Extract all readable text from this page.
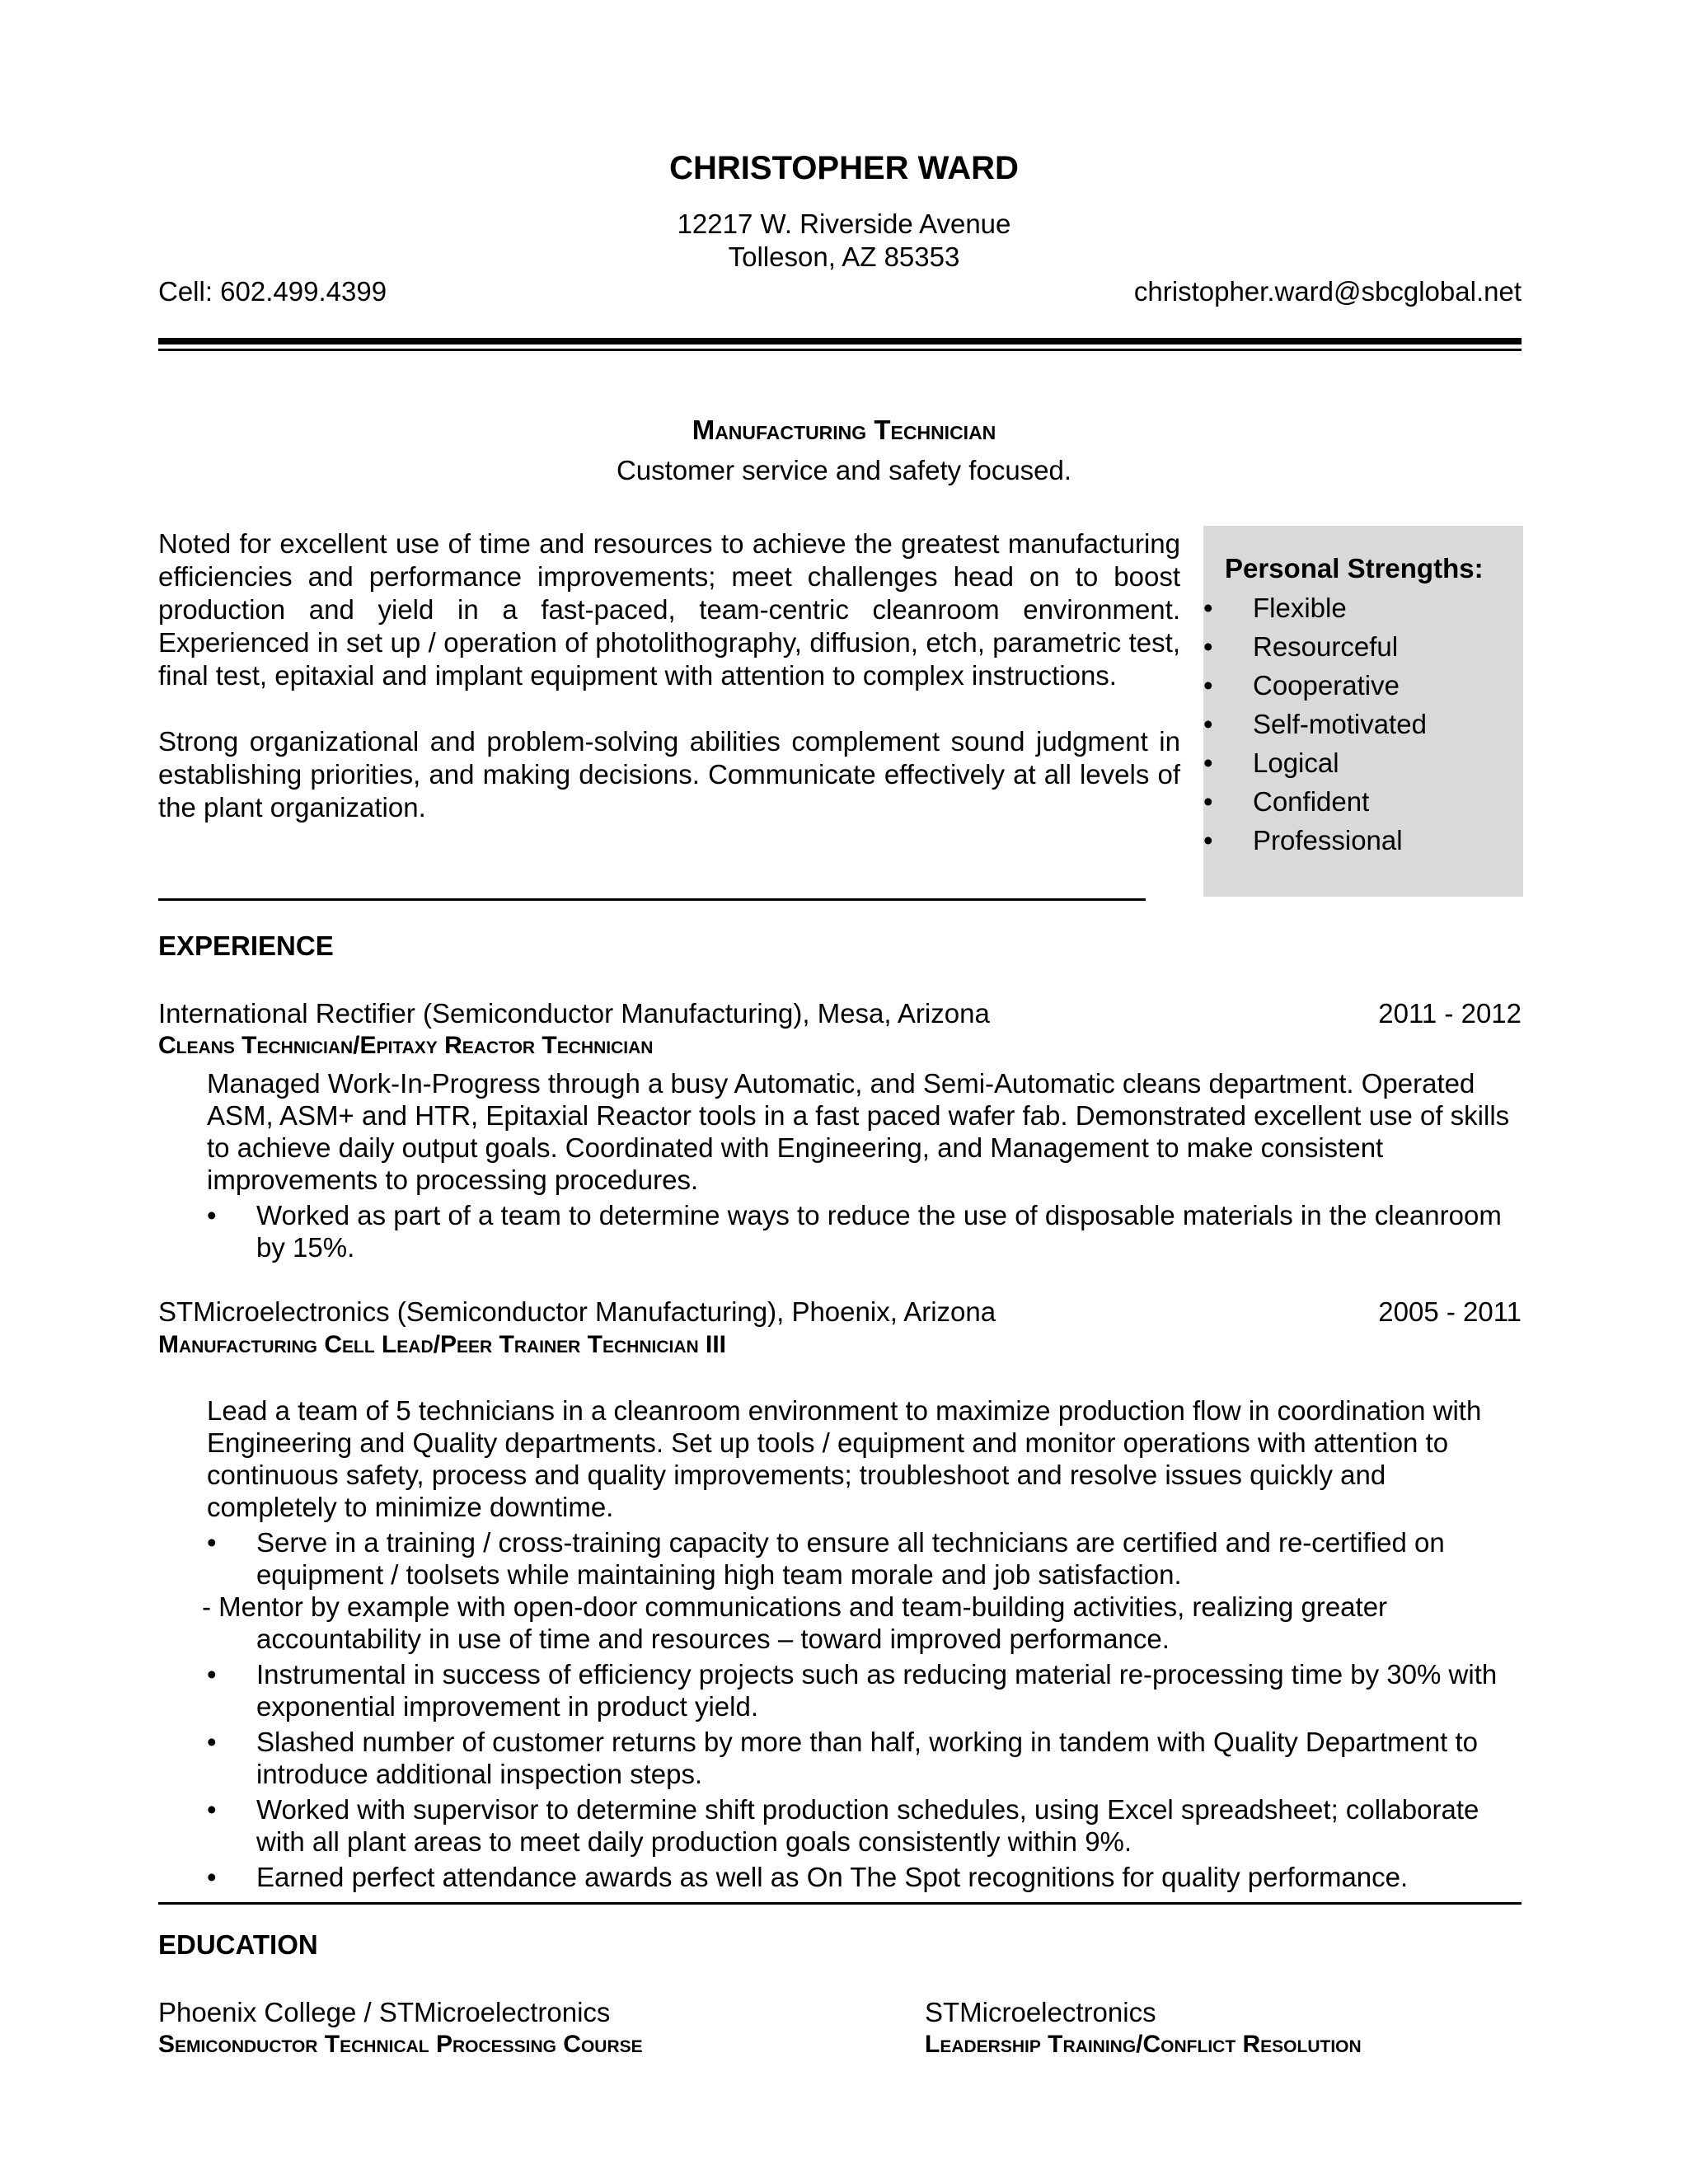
CHRISTOPHER WARD
12217 W. Riverside Avenue
Tolleson, AZ 85353
Cell: 602.499.4399	christopher.ward@sbcglobal.net
Manufacturing Technician
Customer service and safety focused.

Noted for excellent use of time and resources to achieve the greatest manufacturing efficiencies and performance improvements; meet challenges head on to boost production and yield in a fast-paced, team-centric cleanroom environment. Experienced in set up / operation of photolithography, diffusion, etch, parametric test, final test, epitaxial and implant equipment with attention to complex instructions.

Strong organizational and problem-solving abilities complement sound judgment in establishing priorities, and making decisions. Communicate effectively at all levels of the plant organization.

Personal Strengths:
•	Flexible
•	Resourceful
•	Cooperative
•	Self-motivated
•	Logical
•	Confident
•	Professional
EXPERIENCE
International Rectifier (Semiconductor Manufacturing), Mesa, Arizona	2011 - 2012
Cleans Technician/Epitaxy Reactor Technician

Managed Work-In-Progress through a busy Automatic, and Semi-Automatic cleans department. Operated ASM, ASM+ and HTR, Epitaxial Reactor tools in a fast paced wafer fab. Demonstrated excellent use of skills to achieve daily output goals. Coordinated with Engineering, and Management to make consistent improvements to processing procedures.

•	Worked as part of a team to determine ways to reduce the use of disposable materials in the cleanroom by 15%.
STMicroelectronics (Semiconductor Manufacturing), Phoenix, Arizona	2005 - 2011
Manufacturing Cell Lead/Peer Trainer Technician III

Lead a team of 5 technicians in a cleanroom environment to maximize production flow in coordination with Engineering and Quality departments. Set up tools / equipment and monitor operations with attention to continuous safety, process and quality improvements; troubleshoot and resolve issues quickly and completely to minimize downtime.

•	Serve in a training / cross-training capacity to ensure all technicians are certified and re-certified on equipment / toolsets while maintaining high team morale and job satisfaction.
- Mentor by example with open-door communications and team-building activities, realizing greater
accountability in use of time and resources – toward improved performance.
•	Instrumental in success of efficiency projects such as reducing material re-processing time by 30% with exponential improvement in product yield.
•	Slashed number of customer returns by more than half, working in tandem with Quality Department to introduce additional inspection steps.
•	Worked with supervisor to determine shift production schedules, using Excel spreadsheet; collaborate with all plant areas to meet daily production goals consistently within 9%.
•	Earned perfect attendance awards as well as On The Spot recognitions for quality performance.
EDUCATION
Phoenix College / STMicroelectronics
Semiconductor Technical Processing Course
STMicroelectronics
Leadership Training/Conflict Resolution
